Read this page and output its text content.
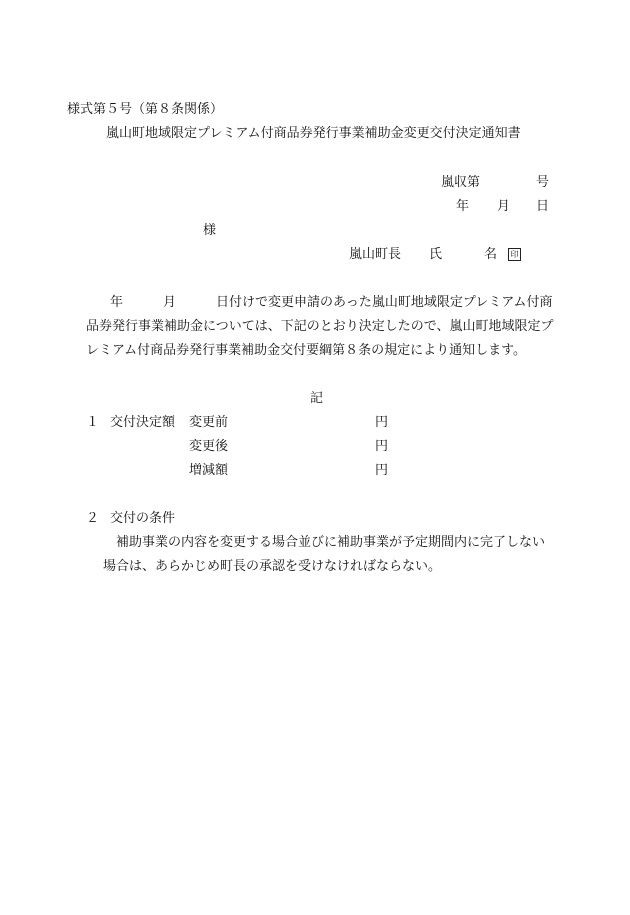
様式第５号（第８条関係）
嵐山町地域限定プレミアム付商品券発行事業補助金変更交付決定通知書
嵐収第	号
年 月 日
様
嵐山町長 氏	名	印
年	月	日付けで変更申請のあった嵐山町地域限定プレミアム付商
品券発行事業補助金については、下記のとおり決定したので、嵐山町地域限定プ
レミアム付商品券発行事業補助金交付要綱第８条の規定により通知します。
記
１ 交付決定額 変更前	円
変更後	円
増減額	円
２ 交付の条件
補助事業の内容を変更する場合並びに補助事業が予定期間内に完了しない
場合は、あらかじめ町長の承認を受けなければならない。
